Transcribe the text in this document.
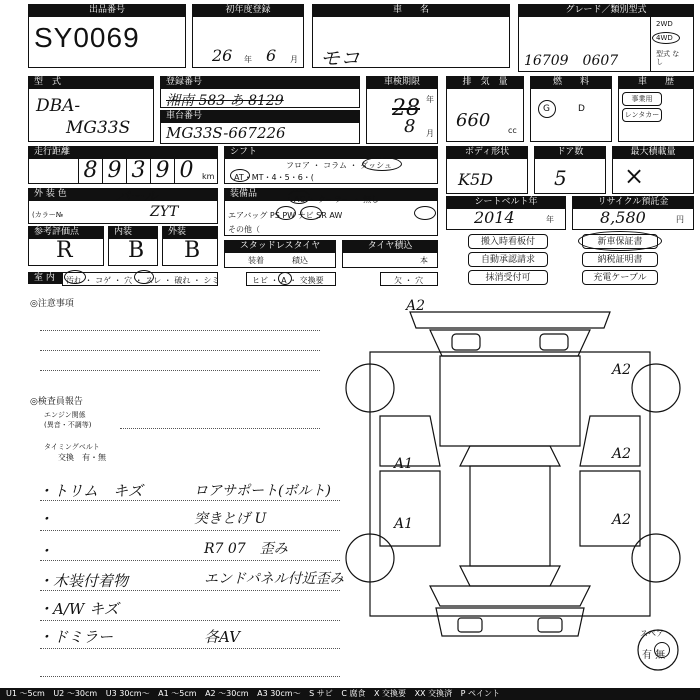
出品番号
SY0069
初年度登録
26 年 6 月
車　　名
モコ
グレード／類別型式
2WD
4WD
型式 なし
16709　0607
型　式
DBA-
MG33S
登録番号
湘南 583 あ 8129
車台番号
MG33S-667226
車検期限
28 年
8 月
排　気　量
660 cc
燃　　料
G	D
車　　歴
事業用
レンタカー
走行距離
8 9 3 9 0	km
シフト
フロア ・ コラム ・ ダッシュ
AT・MT・4・5・6・(
ボディ形状
K5D
ドア数
5
最大積載量
×
外 装 色	パール
(カラー№	ZYT
装備品
AC ・ クーラー ・ 無し
エアバッグ PS PW ナビ SR AW
その他（
シートベルト年
2014	年
リサイクル預託金
8,580	円
参考評価点
R
内装
B
外装
B	スタッドレスタイヤ
装着	積込
タイヤ積込
本
搬入時看板付	新車保証書
自動承認請求	納税証明書
抹消受付可	充電ケーブル
室 内	汚れ ・ コゲ ・ 穴 ・ スレ ・ 破れ ・ シミ FW ヒビ ・ A ・ 交換要	オーディオ 欠 ・ 穴
◎注意事項
◎検査員報告
エンジン関係
(異音・不調等)
タイミングベルト
交換　有・無
・トリム　キズ
・
・
・木装付着物
・A/W キズ
・ドミラー
ロアサポート(ボルト)
突きとげ U
R7 07　歪み
エンドパネル付近歪み
各AV
A2
A2
A1
A2
A1	A2
スペア
有 無
U1 ～5cm U2 ～30cm U3 30cm～ A1 ～5cm A2 ～30cm A3 30cm～ S サビ C 腐食 X 交換要 XX 交換済 P ペイント
